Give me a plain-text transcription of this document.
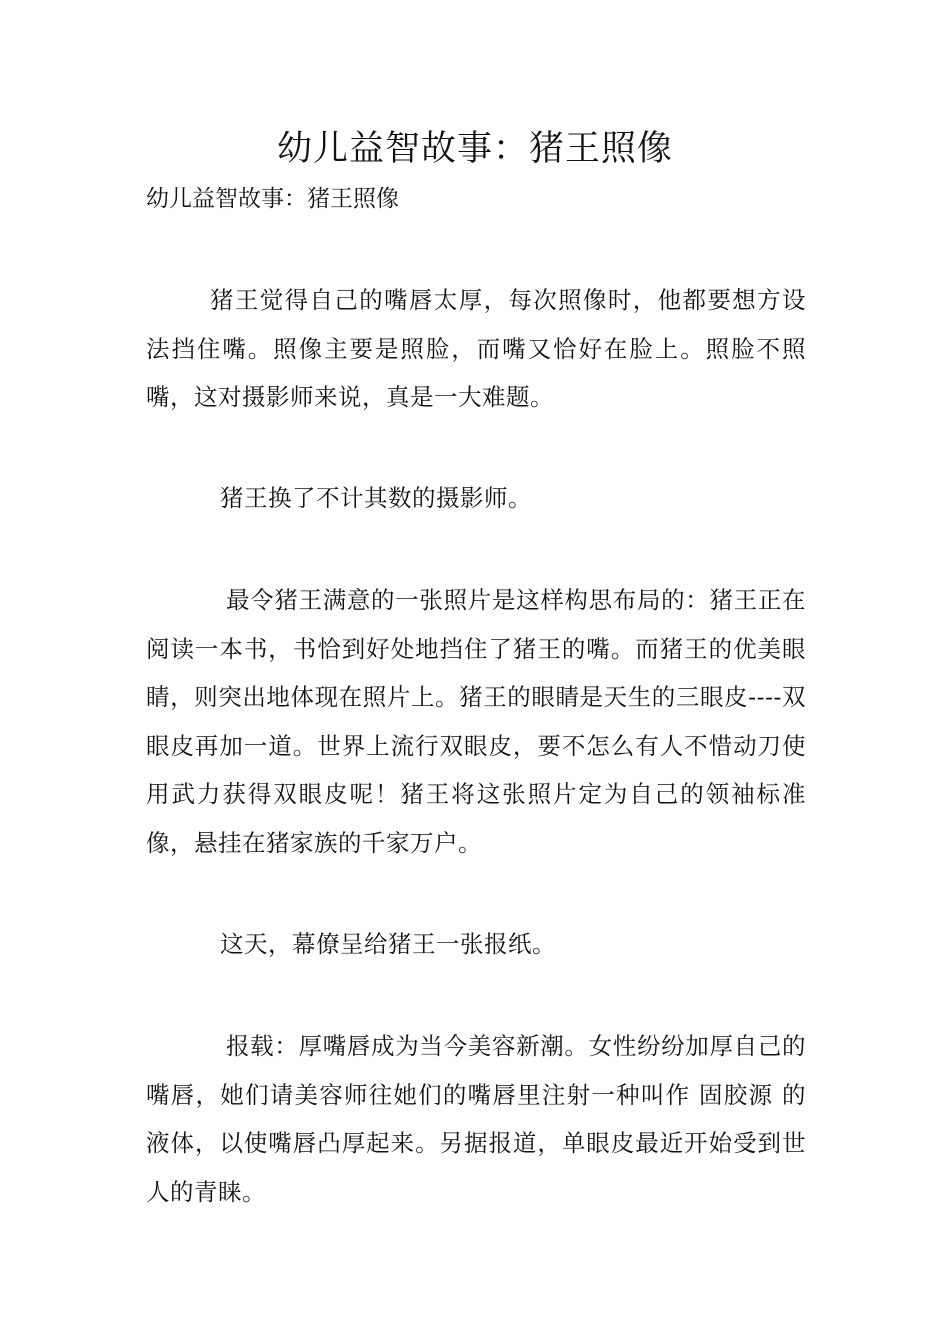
幼儿益智故事：猪王照像

幼儿益智故事：猪王照像

猪王觉得自己的嘴唇太厚，每次照像时，他都要想方设法挡住嘴。照像主要是照脸，而嘴又恰好在脸上。照脸不照嘴，这对摄影师来说，真是一大难题。

猪王换了不计其数的摄影师。

最令猪王满意的一张照片是这样构思布局的：猪王正在阅读一本书，书恰到好处地挡住了猪王的嘴。而猪王的优美眼睛，则突出地体现在照片上。猪王的眼睛是天生的三眼皮----双眼皮再加一道。世界上流行双眼皮，要不怎么有人不惜动刀使用武力获得双眼皮呢！猪王将这张照片定为自己的领袖标准像，悬挂在猪家族的千家万户。

这天，幕僚呈给猪王一张报纸。

报载：厚嘴唇成为当今美容新潮。女性纷纷加厚自己的嘴唇，她们请美容师往她们的嘴唇里注射一种叫作 固胶源 的液体，以使嘴唇凸厚起来。另据报道，单眼皮最近开始受到世人的青睐。
